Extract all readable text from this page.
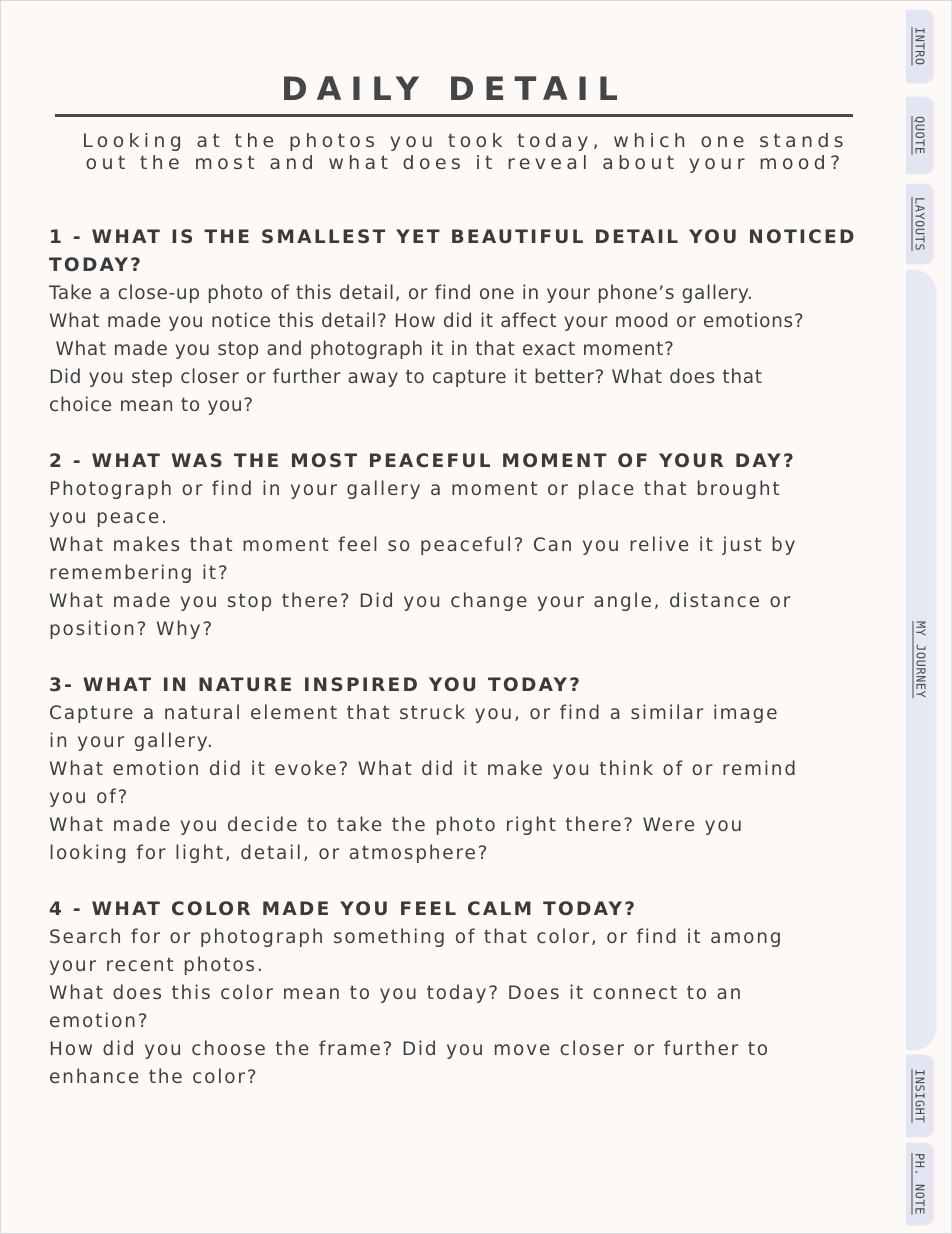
DAILY DETAIL
Looking at the photos you took today, which one stands
out the most and what does it reveal about your mood?

1 - WHAT IS THE SMALLEST YET BEAUTIFUL DETAIL YOU NOTICED

TODAY?

Take a close-up photo of this detail, or find one in your phone’s gallery.

What made you notice this detail? How did it affect your mood or emotions?

What made you stop and photograph it in that exact moment?

Did you step closer or further away to capture it better? What does that

choice mean to you?

2 - WHAT WAS THE MOST PEACEFUL MOMENT OF YOUR DAY?

Photograph or find in your gallery a moment or place that brought

you peace.

What makes that moment feel so peaceful? Can you relive it just by

remembering it?

What made you stop there? Did you change your angle, distance or

position? Why?

3- WHAT IN NATURE INSPIRED YOU TODAY?

Capture a natural element that struck you, or find a similar image

in your gallery.

What emotion did it evoke? What did it make you think of or remind

you of?

What made you decide to take the photo right there? Were you

looking for light, detail, or atmosphere?

4 - WHAT COLOR MADE YOU FEEL CALM TODAY?

Search for or photograph something of that color, or find it among

your recent photos.

What does this color mean to you today? Does it connect to an

emotion?

How did you choose the frame? Did you move closer or further to

enhance the color?

INTRO
QUOTE
LAYOUTS
MY JOURNEY
INSIGHT
PH. NOTE
